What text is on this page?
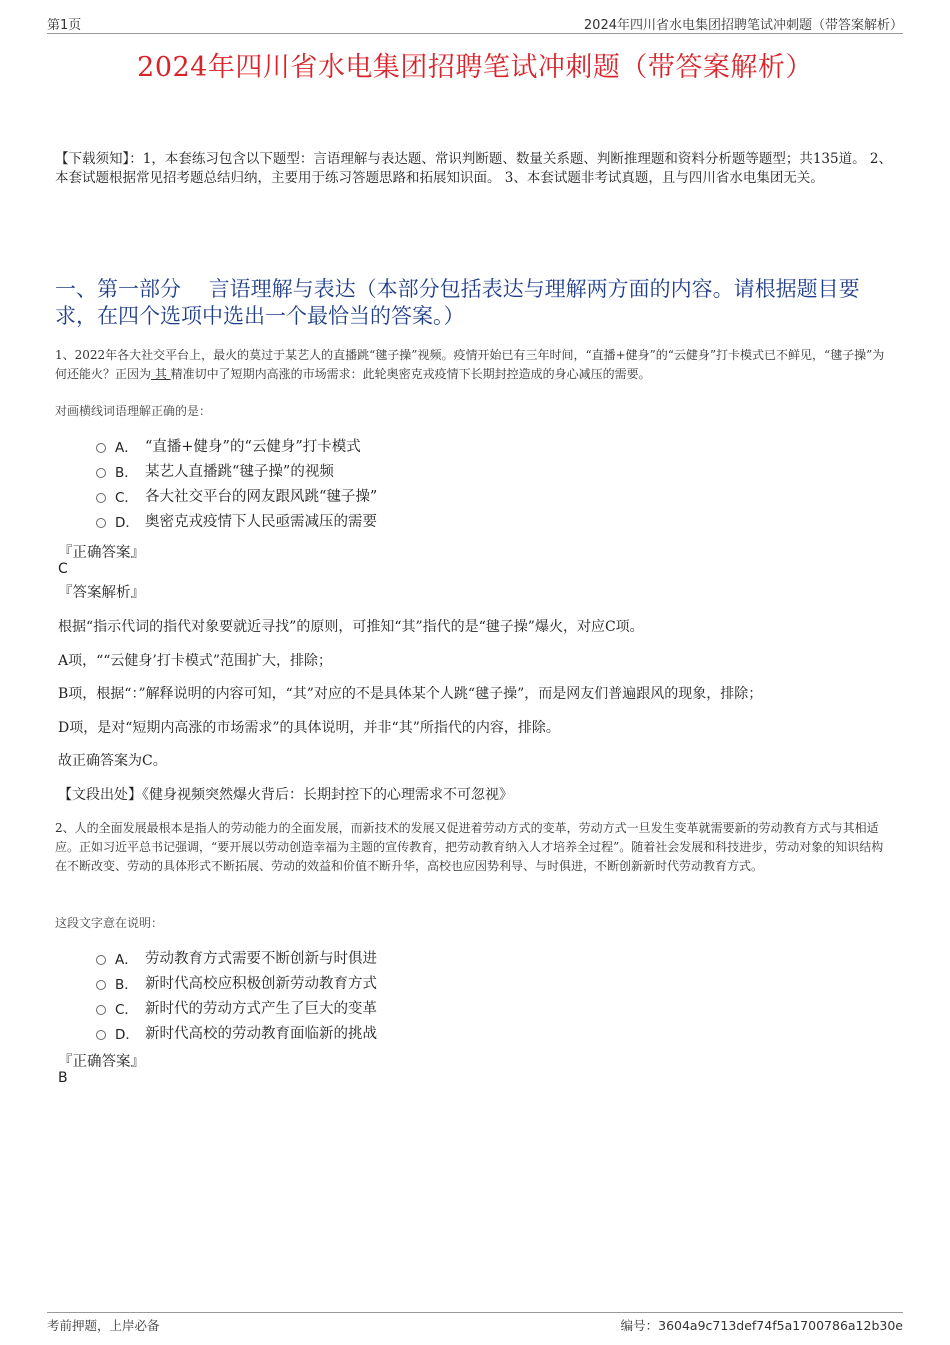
第1页	2024年四川省水电集团招聘笔试冲刺题（带答案解析）
2024年四川省水电集团招聘笔试冲刺题（带答案解析）
【下载须知】：1，本套练习包含以下题型：言语理解与表达题、常识判断题、数量关系题、判断推理题和资料分析题等题型；共135道。 2、本套试题根据常见招考题总结归纳，主要用于练习答题思路和拓展知识面。 3、本套试题非考试真题，且与四川省水电集团无关。
一、第一部分　 言语理解与表达（本部分包括表达与理解两方面的内容。请根据题目要求，在四个选项中选出一个最恰当的答案。）
1、2022年各大社交平台上，最火的莫过于某艺人的直播跳“毽子操”视频。疫情开始已有三年时间，“直播+健身”的“云健身”打卡模式已不鲜见，“毽子操”为何还能火？正因为 其 精准切中了短期内高涨的市场需求：此轮奥密克戎疫情下长期封控造成的身心减压的需要。
对画横线词语理解正确的是：
A． “直播+健身”的“云健身”打卡模式
B． 某艺人直播跳“毽子操”的视频
C． 各大社交平台的网友跟风跳“毽子操”
D． 奥密克戎疫情下人民亟需减压的需要
『正确答案』
C
『答案解析』
根据“指示代词的指代对象要就近寻找”的原则，可推知“其”指代的是“毽子操”爆火，对应C项。
A项，““云健身’打卡模式”范围扩大，排除；
B项，根据“：”解释说明的内容可知，“其”对应的不是具体某个人跳“毽子操”，而是网友们普遍跟风的现象，排除；
D项，是对“短期内高涨的市场需求”的具体说明，并非“其”所指代的内容，排除。
故正确答案为C。
【文段出处】《健身视频突然爆火背后：长期封控下的心理需求不可忽视》
2、人的全面发展最根本是指人的劳动能力的全面发展，而新技术的发展又促进着劳动方式的变革，劳动方式一旦发生变革就需要新的劳动教育方式与其相适应。正如习近平总书记强调，“要开展以劳动创造幸福为主题的宣传教育，把劳动教育纳入人才培养全过程”。随着社会发展和科技进步，劳动对象的知识结构在不断改变、劳动的具体形式不断拓展、劳动的效益和价值不断升华，高校也应因势利导、与时俱进，不断创新新时代劳动教育方式。
这段文字意在说明：
A． 劳动教育方式需要不断创新与时俱进
B． 新时代高校应积极创新劳动教育方式
C． 新时代的劳动方式产生了巨大的变革
D． 新时代高校的劳动教育面临新的挑战
『正确答案』
B
考前押题，上岸必备	编号：3604a9c713def74f5a1700786a12b30e
